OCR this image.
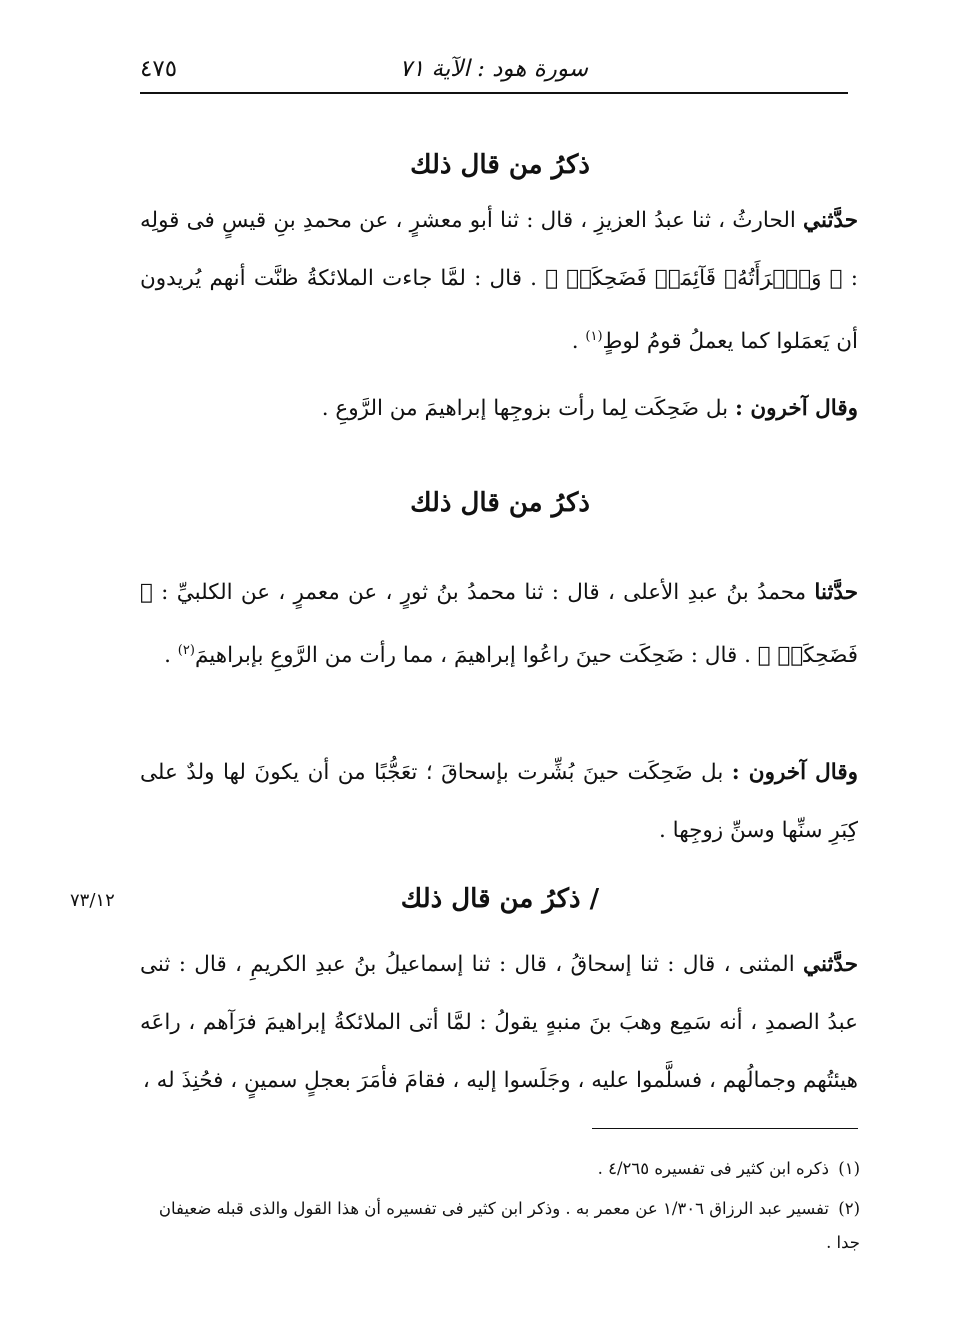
سورة هود : الآية ٧١
٤٧٥
ذكرُ من قال ذلك

حدَّثني الحارثُ ، ثنا عبدُ العزيزِ ، قال : ثنا أبو معشرٍ ، عن محمدِ بنِ قيسٍ فى قولِه : ﴿ وَٱمۡرَأَتُهُۥ قَآئِمَةٞ فَضَحِكَتۡ ﴾ . قال : لمَّا جاءت الملائكةُ ظنَّت أنهم يُريدون أن يَعمَلوا كما يعملُ قومُ لوطٍ$^{(١)}$ .

وقال آخرون : بل ضَحِكَت لِما رأت بزوجِها إبراهيمَ من الرَّوعِ .

ذكرُ من قال ذلك

حدَّثنا محمدُ بنُ عبدِ الأعلى ، قال : ثنا محمدُ بنُ ثورٍ ، عن معمرٍ ، عن الكلبيِّ : ﴿ فَضَحِكَتۡ ﴾ . قال : ضَحِكَت حينَ راعُوا إبراهيمَ ، مما رأت من الرَّوعِ بإبراهيمَ$^{(٢)}$ .

وقال آخرون : بل ضَحِكَت حينَ بُشِّرت بإسحاقَ ؛ تعَجُّبًا من أن يكونَ لها ولدٌ على كِبَرِ سنِّها وسنِّ زوجِها .

/ ذكرُ من قال ذلك
٧٣/١٢

حدَّثني المثنى ، قال : ثنا إسحاقُ ، قال : ثنا إسماعيلُ بنُ عبدِ الكريمِ ، قال : ثنى عبدُ الصمدِ ، أنه سَمِع وهبَ بنَ منبهٍ يقولُ : لمَّا أتى الملائكةُ إبراهيمَ فرَآهم ، راعَه هيئتُهم وجمالُهم ، فسلَّموا عليه ، وجَلَسوا إليه ، فقامَ فأمَرَ بعجلٍ سمينٍ ، فحُنِذَ له ،

(١) ذكره ابن كثير فى تفسيره ٤/٢٦٥ .

(٢) تفسير عبد الرزاق ١/٣٠٦ عن معمر به . وذكر ابن كثير فى تفسيره أن هذا القول والذى قبله ضعيفان جدا .
